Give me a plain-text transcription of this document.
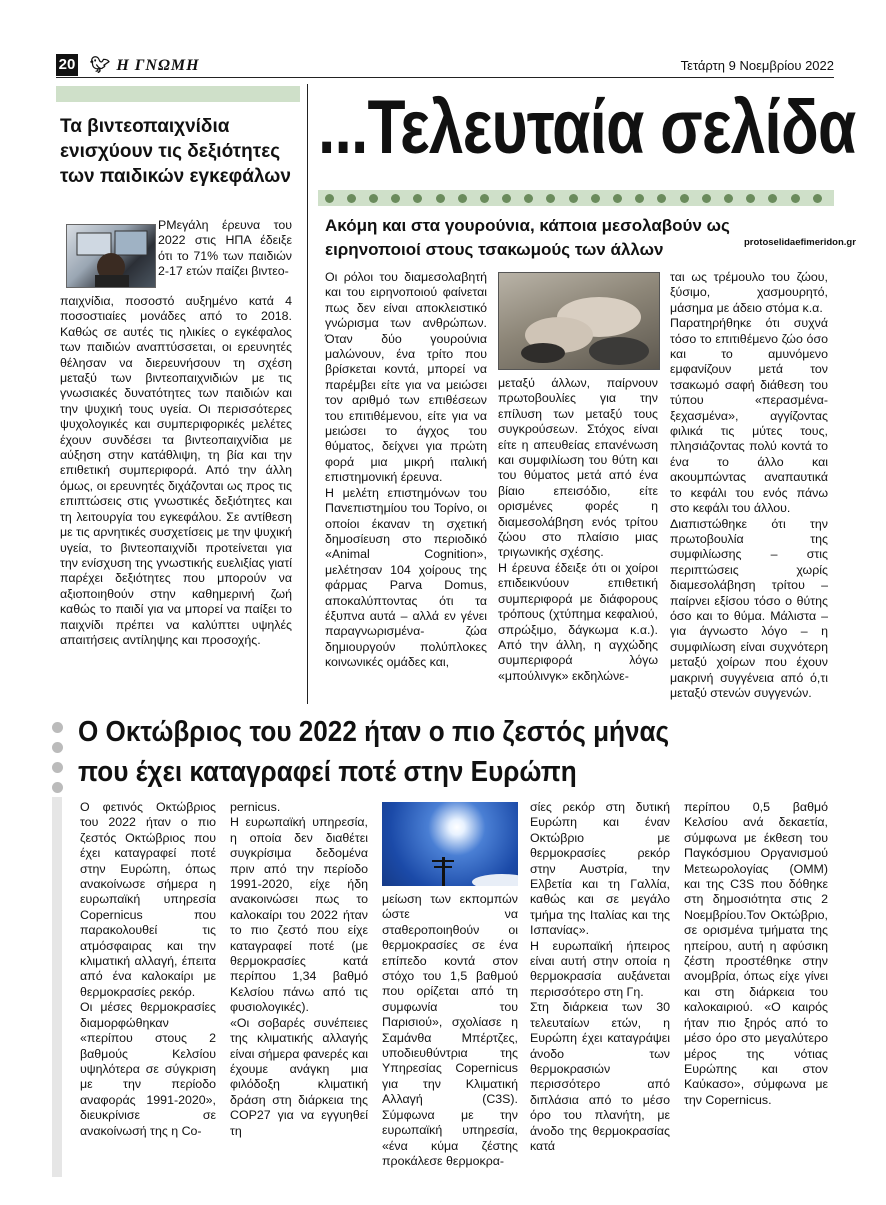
20 🐦︎ Η ΓΝΩΜΗ	Τετάρτη 9 Νοεμβρίου 2022
...Τελευταία σελίδα
Τα βιντεοπαιχνίδια ενισχύουν τις δεξιότητες των παιδικών εγκεφάλων
ΡΜεγάλη έρευνα του 2022 στις ΗΠΑ έδειξε ότι το 71% των παιδιών 2-17 ετών παίζει βιντεο-
παιχνίδια, ποσοστό αυξημένο κατά 4 ποσοστιαίες μονάδες από το 2018. Καθώς σε αυτές τις ηλικίες ο εγκέφαλος των παιδιών αναπτύσσεται, οι ερευνητές θέλησαν να διερευνήσουν τη σχέση μεταξύ των βιντεοπαιχνιδιών με τις γνωσιακές δυνατότητες των παιδιών και την ψυχική τους υγεία. Οι περισσότερες ψυχολογικές και συμπεριφορικές μελέτες έχουν συνδέσει τα βιντεοπαιχνίδια με αύξηση στην κατάθλιψη, τη βία και την επιθετική συμπεριφορά. Από την άλλη όμως, οι ερευνητές διχάζονται ως προς τις επιπτώσεις στις γνωστικές δεξιότητες και τη λειτουργία του εγκεφάλου. Σε αντίθεση με τις αρνητικές συσχετίσεις με την ψυχική υγεία, το βιντεοπαιχνίδι προτείνεται για την ενίσχυση της γνωστικής ευελιξίας γιατί παρέχει δεξιότητες που μπορούν να αξιοποιηθούν στην καθημερινή ζωή καθώς το παιδί για να μπορεί να παίξει το παιχνίδι πρέπει να καλύπτει υψηλές απαιτήσεις αντίληψης και προσοχής.
Ακόμη και στα γουρούνια, κάποια μεσολαβούν ως ειρηνοποιοί στους τσακωμούς των άλλων	protoselidaefimeridon.gr

Οι ρόλοι του διαμεσολαβητή και του ειρηνοποιού φαίνεται πως δεν είναι αποκλειστικό γνώρισμα των ανθρώπων. Όταν δύο γουρούνια μαλώνουν, ένα τρίτο που βρίσκεται κοντά, μπορεί να παρέμβει είτε για να μειώσει τον αριθμό των επιθέσεων του επιτιθέμενου, είτε για να μειώσει το άγχος του θύματος, δείχνει για πρώτη φορά μια μικρή ιταλική επιστημονική έρευνα.

Η μελέτη επιστημόνων του Πανεπιστημίου του Τορίνο, οι οποίοι έκαναν τη σχετική δημοσίευση στο περιοδικό «Animal Cognition», μελέτησαν 104 χοίρους της φάρμας Parva Domus, αποκαλύπτοντας ότι τα έξυπνα αυτά – αλλά εν γένει παραγνωρισμένα- ζώα δημιουργούν πολύπλοκες κοινωνικές ομάδες και,

μεταξύ άλλων, παίρνουν πρωτοβουλίες για την επίλυση των μεταξύ τους συγκρούσεων. Στόχος είναι είτε η απευθείας επανένωση και συμφιλίωση του θύτη και του θύματος μετά από ένα βίαιο επεισόδιο, είτε ορισμένες φορές η διαμεσολάβηση ενός τρίτου ζώου στο πλαίσιο μιας τριγωνικής σχέσης.

Η έρευνα έδειξε ότι οι χοίροι επιδεικνύουν επιθετική συμπεριφορά με διάφορους τρόπους (χτύπημα κεφαλιού, σπρώξιμο, δάγκωμα κ.α.). Από την άλλη, η αγχώδης συμπεριφορά λόγω «μπούλινγκ» εκδηλώνε-

ται ως τρέμουλο του ζώου, ξύσιμο, χασμουρητό, μάσημα με άδειο στόμα κ.α.

Παρατηρήθηκε ότι συχνά τόσο το επιτιθέμενο ζώο όσο και το αμυνόμενο εμφανίζουν μετά τον τσακωμό σαφή διάθεση του τύπου «περασμένα-ξεχασμένα», αγγίζοντας φιλικά τις μύτες τους, πλησιάζοντας πολύ κοντά το ένα το άλλο και ακουμπώντας αναπαυτικά το κεφάλι του ενός πάνω στο κεφάλι του άλλου.

Διαπιστώθηκε ότι την πρωτοβουλία της συμφιλίωσης – στις περιπτώσεις χωρίς διαμεσολάβηση τρίτου – παίρνει εξίσου τόσο ο θύτης όσο και το θύμα. Μάλιστα – για άγνωστο λόγο – η συμφιλίωση είναι συχνότερη μεταξύ χοίρων που έχουν μακρινή συγγένεια από ό,τι μεταξύ στενών συγγενών.

Ο Οκτώβριος του 2022 ήταν ο πιο ζεστός μήνας
που έχει καταγραφεί ποτέ στην Ευρώπη

Ο φετινός Οκτώβριος του 2022 ήταν ο πιο ζεστός Οκτώβριος που έχει καταγραφεί ποτέ στην Ευρώπη, όπως ανακοίνωσε σήμερα η ευρωπαϊκή υπηρεσία Copernicus που παρακολουθεί τις ατμόσφαιρας και την κλιματική αλλαγή, έπειτα από ένα καλοκαίρι με θερμοκρασίες ρεκόρ.

Οι μέσες θερμοκρασίες διαμορφώθηκαν «περίπου στους 2 βαθμούς Κελσίου υψηλότερα σε σύγκριση με την περίοδο αναφοράς 1991-2020», διευκρίνισε σε ανακοίνωσή της η Co-

pernicus.

Η ευρωπαϊκή υπηρεσία, η οποία δεν διαθέτει συγκρίσιμα δεδομένα πριν από την περίοδο 1991-2020, είχε ήδη ανακοινώσει πως το καλοκαίρι του 2022 ήταν το πιο ζεστό που είχε καταγραφεί ποτέ (με θερμοκρασίες κατά περίπου 1,34 βαθμό Κελσίου πάνω από τις φυσιολογικές).

«Οι σοβαρές συνέπειες της κλιματικής αλλαγής είναι σήμερα φανερές και έχουμε ανάγκη μια φιλόδοξη κλιματική δράση στη διάρκεια της COP27 για να εγγυηθεί τη

μείωση των εκπομπών ώστε να σταθεροποιηθούν οι θερμοκρασίες σε ένα επίπεδο κοντά στον στόχο του 1,5 βαθμού που ορίζεται από τη συμφωνία του Παρισιού», σχολίασε η Σαμάνθα Μπέρτζες, υποδιευθύντρια της Υπηρεσίας Copernicus για την Κλιματική Αλλαγή (C3S). Σύμφωνα με την ευρωπαϊκή υπηρεσία, «ένα κύμα ζέστης προκάλεσε θερμοκρα-

σίες ρεκόρ στη δυτική Ευρώπη και έναν Οκτώβριο με θερμοκρασίες ρεκόρ στην Αυστρία, την Ελβετία και τη Γαλλία, καθώς και σε μεγάλο τμήμα της Ιταλίας και της Ισπανίας».

Η ευρωπαϊκή ήπειρος είναι αυτή στην οποία η θερμοκρασία αυξάνεται περισσότερο στη Γη.

Στη διάρκεια των 30 τελευταίων ετών, η Ευρώπη έχει καταγράψει άνοδο των θερμοκρασιών περισσότερο από διπλάσια από το μέσο όρο του πλανήτη, με άνοδο της θερμοκρασίας κατά

περίπου 0,5 βαθμό Κελσίου ανά δεκαετία, σύμφωνα με έκθεση του Παγκόσμιου Οργανισμού Μετεωρολογίας (ΟΜΜ) και της C3S που δόθηκε στη δημοσιότητα στις 2 Νοεμβρίου.Τον Οκτώβριο, σε ορισμένα τμήματα της ηπείρου, αυτή η αφύσικη ζέστη προστέθηκε στην ανομβρία, όπως είχε γίνει και στη διάρκεια του καλοκαιριού. «Ο καιρός ήταν πιο ξηρός από το μέσο όρο στο μεγαλύτερο μέρος της νότιας Ευρώπης και στον Καύκασο», σύμφωνα με την Copernicus.
